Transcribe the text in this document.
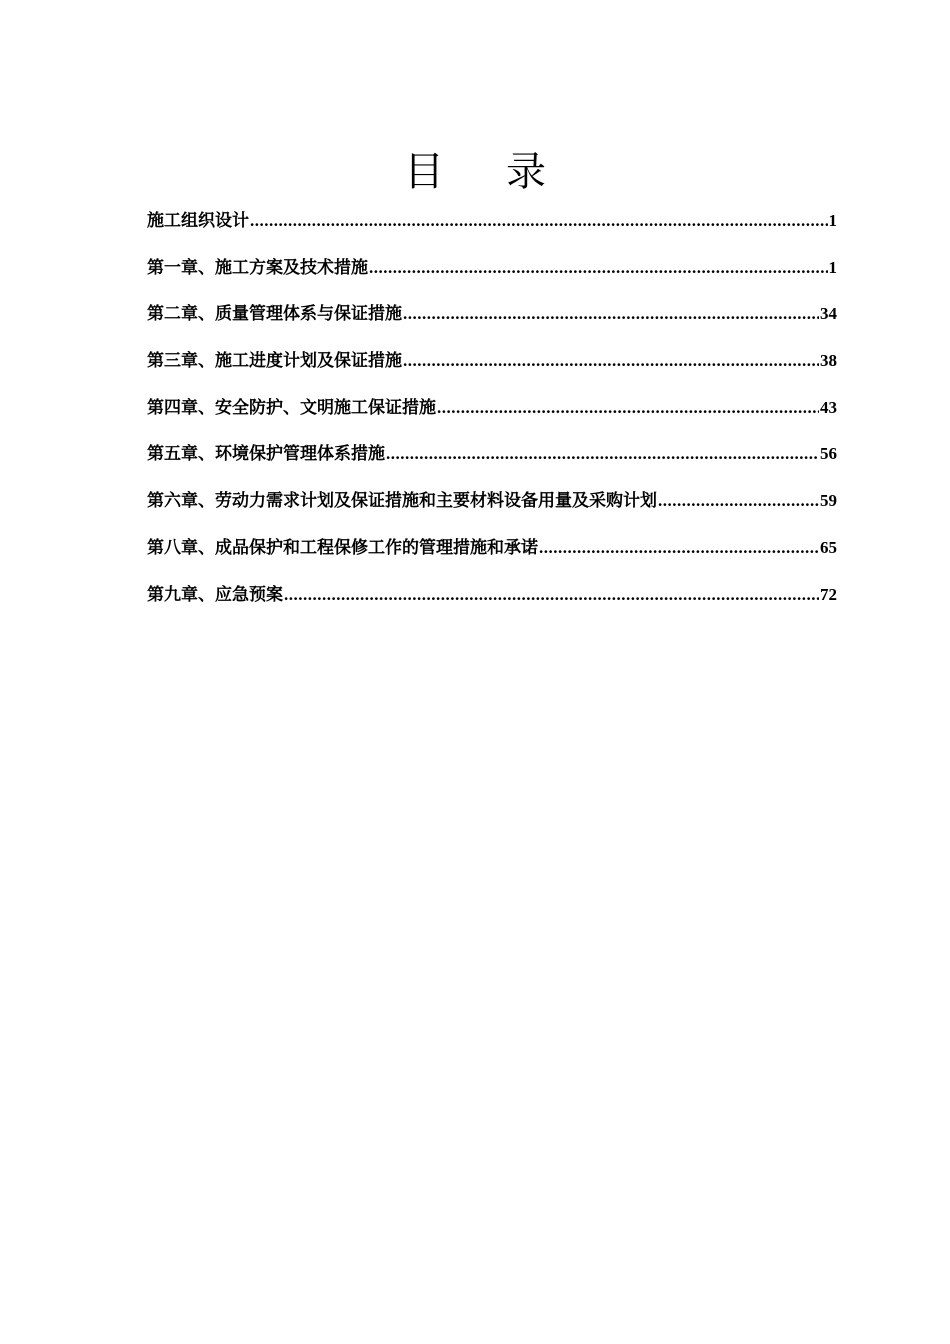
目 录
施工组织设计 .....	1
第一章、施工方案及技术措施 .....	1
第二章、质量管理体系与保证措施 .....	34
第三章、施工进度计划及保证措施 .....	38
第四章、安全防护、文明施工保证措施 .....	43
第五章、环境保护管理体系措施 .....	56
第六章、劳动力需求计划及保证措施和主要材料设备用量及采购计划 .....	59
第八章、成品保护和工程保修工作的管理措施和承诺 .....	65
第九章、应急预案 .....	72
